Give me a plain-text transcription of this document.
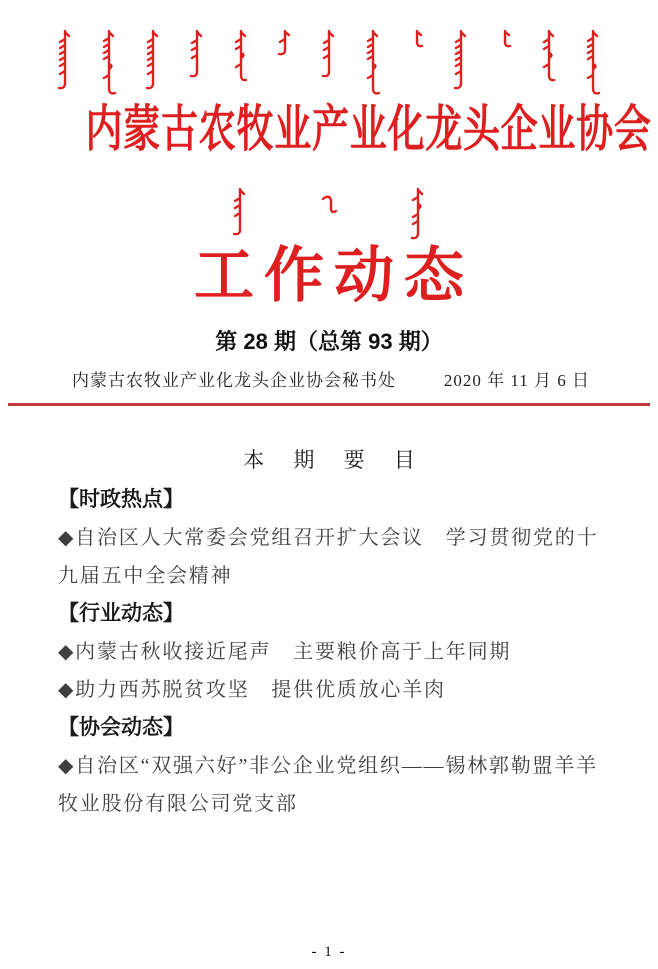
内蒙古农牧业产业化龙头企业协会
工作动态
第 28 期（总第 93 期）
内蒙古农牧业产业化龙头企业协会秘书处	2020 年 11 月 6 日
本 期 要 目
【时政热点】
◆自治区人大常委会党组召开扩大会议　学习贯彻党的十
九届五中全会精神
【行业动态】
◆内蒙古秋收接近尾声　主要粮价高于上年同期
◆助力西苏脱贫攻坚　提供优质放心羊肉
【协会动态】
◆自治区“双强六好”非公企业党组织——锡林郭勒盟羊羊
牧业股份有限公司党支部
- 1 -
